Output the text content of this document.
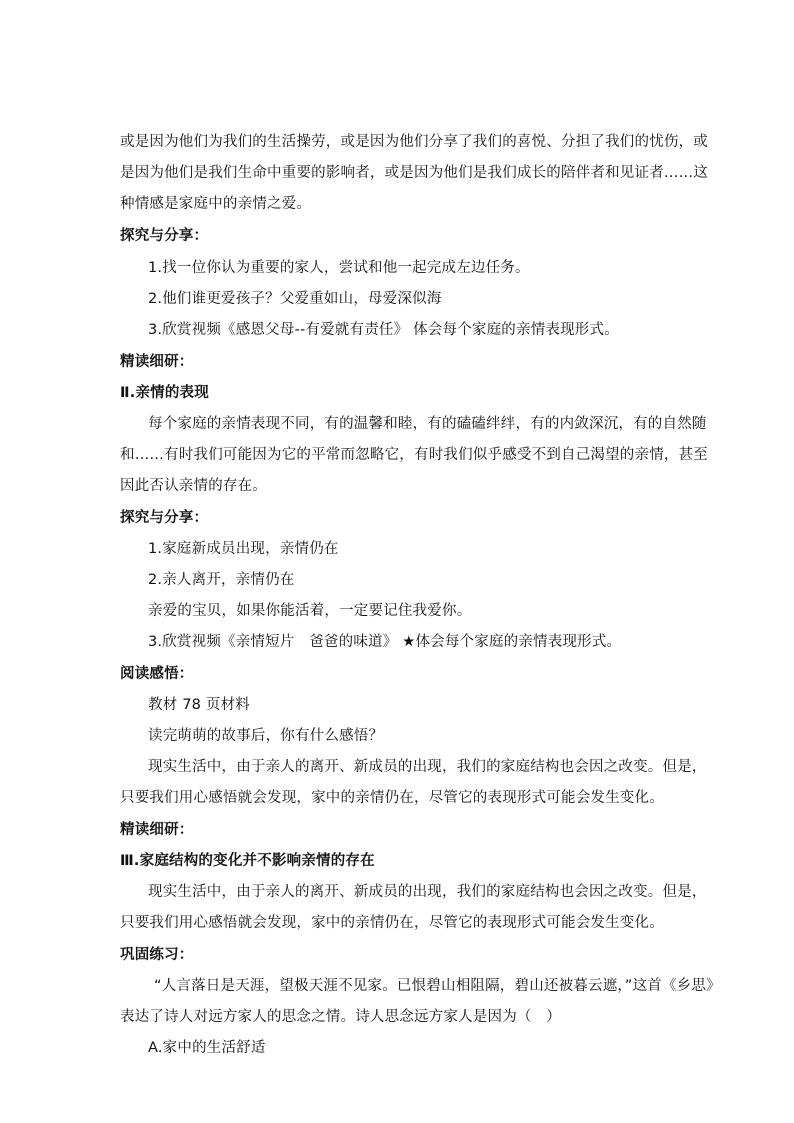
或是因为他们为我们的生活操劳，或是因为他们分享了我们的喜悦、分担了我们的忧伤，或
是因为他们是我们生命中重要的影响者，或是因为他们是我们成长的陪伴者和见证者……这
种情感是家庭中的亲情之爱。
探究与分享：
1.找一位你认为重要的家人，尝试和他一起完成左边任务。
2.他们谁更爱孩子？父爱重如山，母爱深似海
3.欣赏视频《感恩父母--有爱就有责任》 体会每个家庭的亲情表现形式。
精读细研：
Ⅱ.亲情的表现
每个家庭的亲情表现不同，有的温馨和睦，有的磕磕绊绊，有的内敛深沉，有的自然随
和……有时我们可能因为它的平常而忽略它，有时我们似乎感受不到自己渴望的亲情，甚至
因此否认亲情的存在。
探究与分享：
1.家庭新成员出现，亲情仍在
2.亲人离开，亲情仍在
亲爱的宝贝，如果你能活着，一定要记住我爱你。
3.欣赏视频《亲情短片　爸爸的味道》 ★体会每个家庭的亲情表现形式。
阅读感悟：
教材 78 页材料
读完萌萌的故事后，你有什么感悟？
现实生活中，由于亲人的离开、新成员的出现，我们的家庭结构也会因之改变。但是，
只要我们用心感悟就会发现，家中的亲情仍在，尽管它的表现形式可能会发生变化。
精读细研：
Ⅲ.家庭结构的变化并不影响亲情的存在
现实生活中，由于亲人的离开、新成员的出现，我们的家庭结构也会因之改变。但是，
只要我们用心感悟就会发现，家中的亲情仍在，尽管它的表现形式可能会发生变化。
巩固练习：
“人言落日是天涯，望极天涯不见家。已恨碧山相阻隔，碧山还被暮云遮，”这首《乡思》
表达了诗人对远方家人的思念之情。诗人思念远方家人是因为（　）
A.家中的生活舒适
